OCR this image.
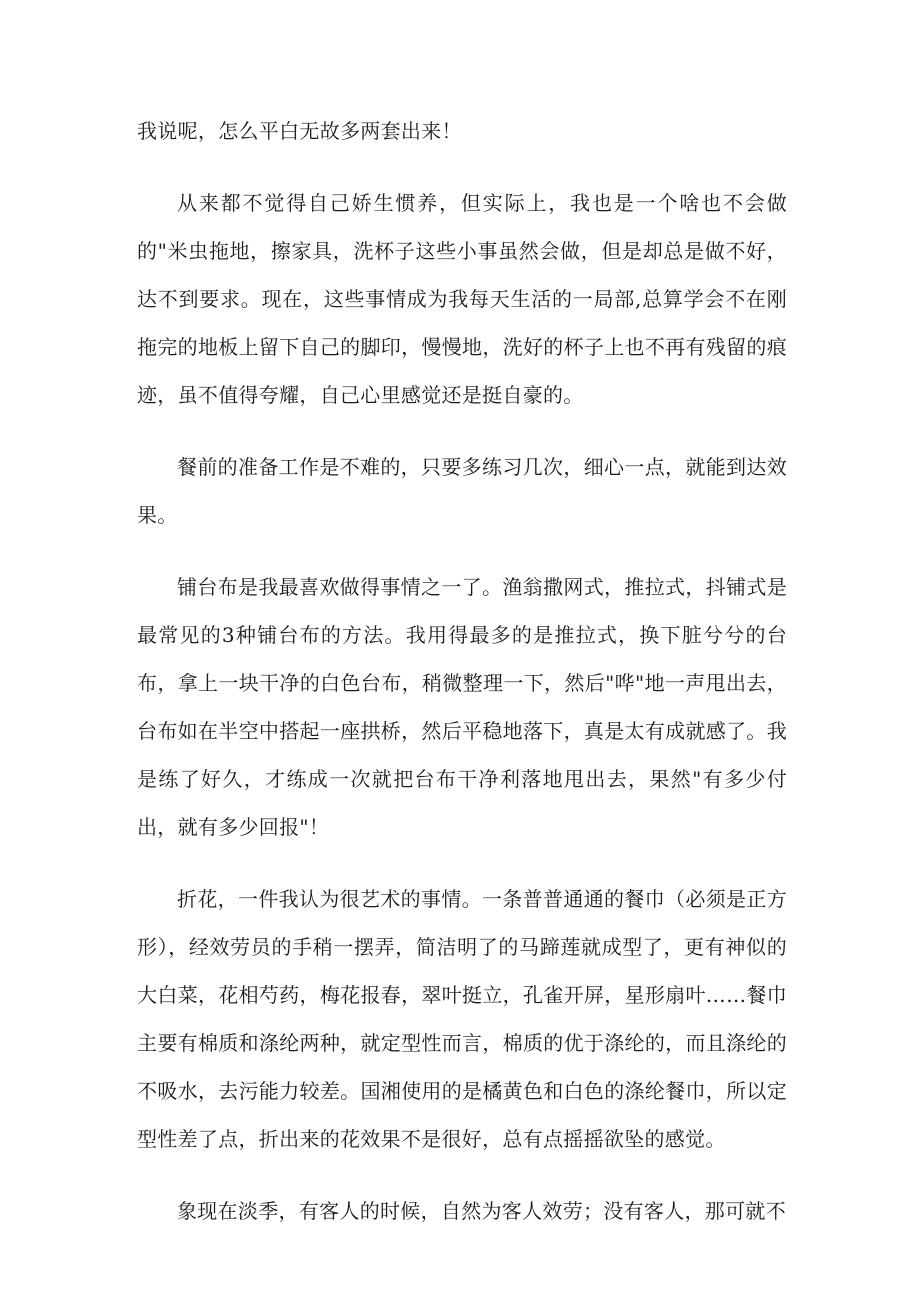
我说呢，怎么平白无故多两套出来！

从来都不觉得自己娇生惯养，但实际上，我也是一个啥也不会做的"米虫拖地，擦家具，洗杯子这些小事虽然会做，但是却总是做不好，达不到要求。现在，这些事情成为我每天生活的一局部,总算学会不在刚拖完的地板上留下自己的脚印，慢慢地，洗好的杯子上也不再有残留的痕迹，虽不值得夸耀，自己心里感觉还是挺自豪的。

餐前的准备工作是不难的，只要多练习几次，细心一点，就能到达效果。

铺台布是我最喜欢做得事情之一了。渔翁撒网式，推拉式，抖铺式是最常见的3种铺台布的方法。我用得最多的是推拉式，换下脏兮兮的台布，拿上一块干净的白色台布，稍微整理一下，然后"哗"地一声甩出去，台布如在半空中搭起一座拱桥，然后平稳地落下，真是太有成就感了。我是练了好久，才练成一次就把台布干净利落地甩出去，果然"有多少付出，就有多少回报"！

折花，一件我认为很艺术的事情。一条普普通通的餐巾（必须是正方形），经效劳员的手稍一摆弄，简洁明了的马蹄莲就成型了，更有神似的大白菜，花相芍药，梅花报春，翠叶挺立，孔雀开屏，星形扇叶……餐巾主要有棉质和涤纶两种，就定型性而言，棉质的优于涤纶的，而且涤纶的不吸水，去污能力较差。国湘使用的是橘黄色和白色的涤纶餐巾，所以定型性差了点，折出来的花效果不是很好，总有点摇摇欲坠的感觉。

象现在淡季，有客人的时候，自然为客人效劳；没有客人，那可就不
